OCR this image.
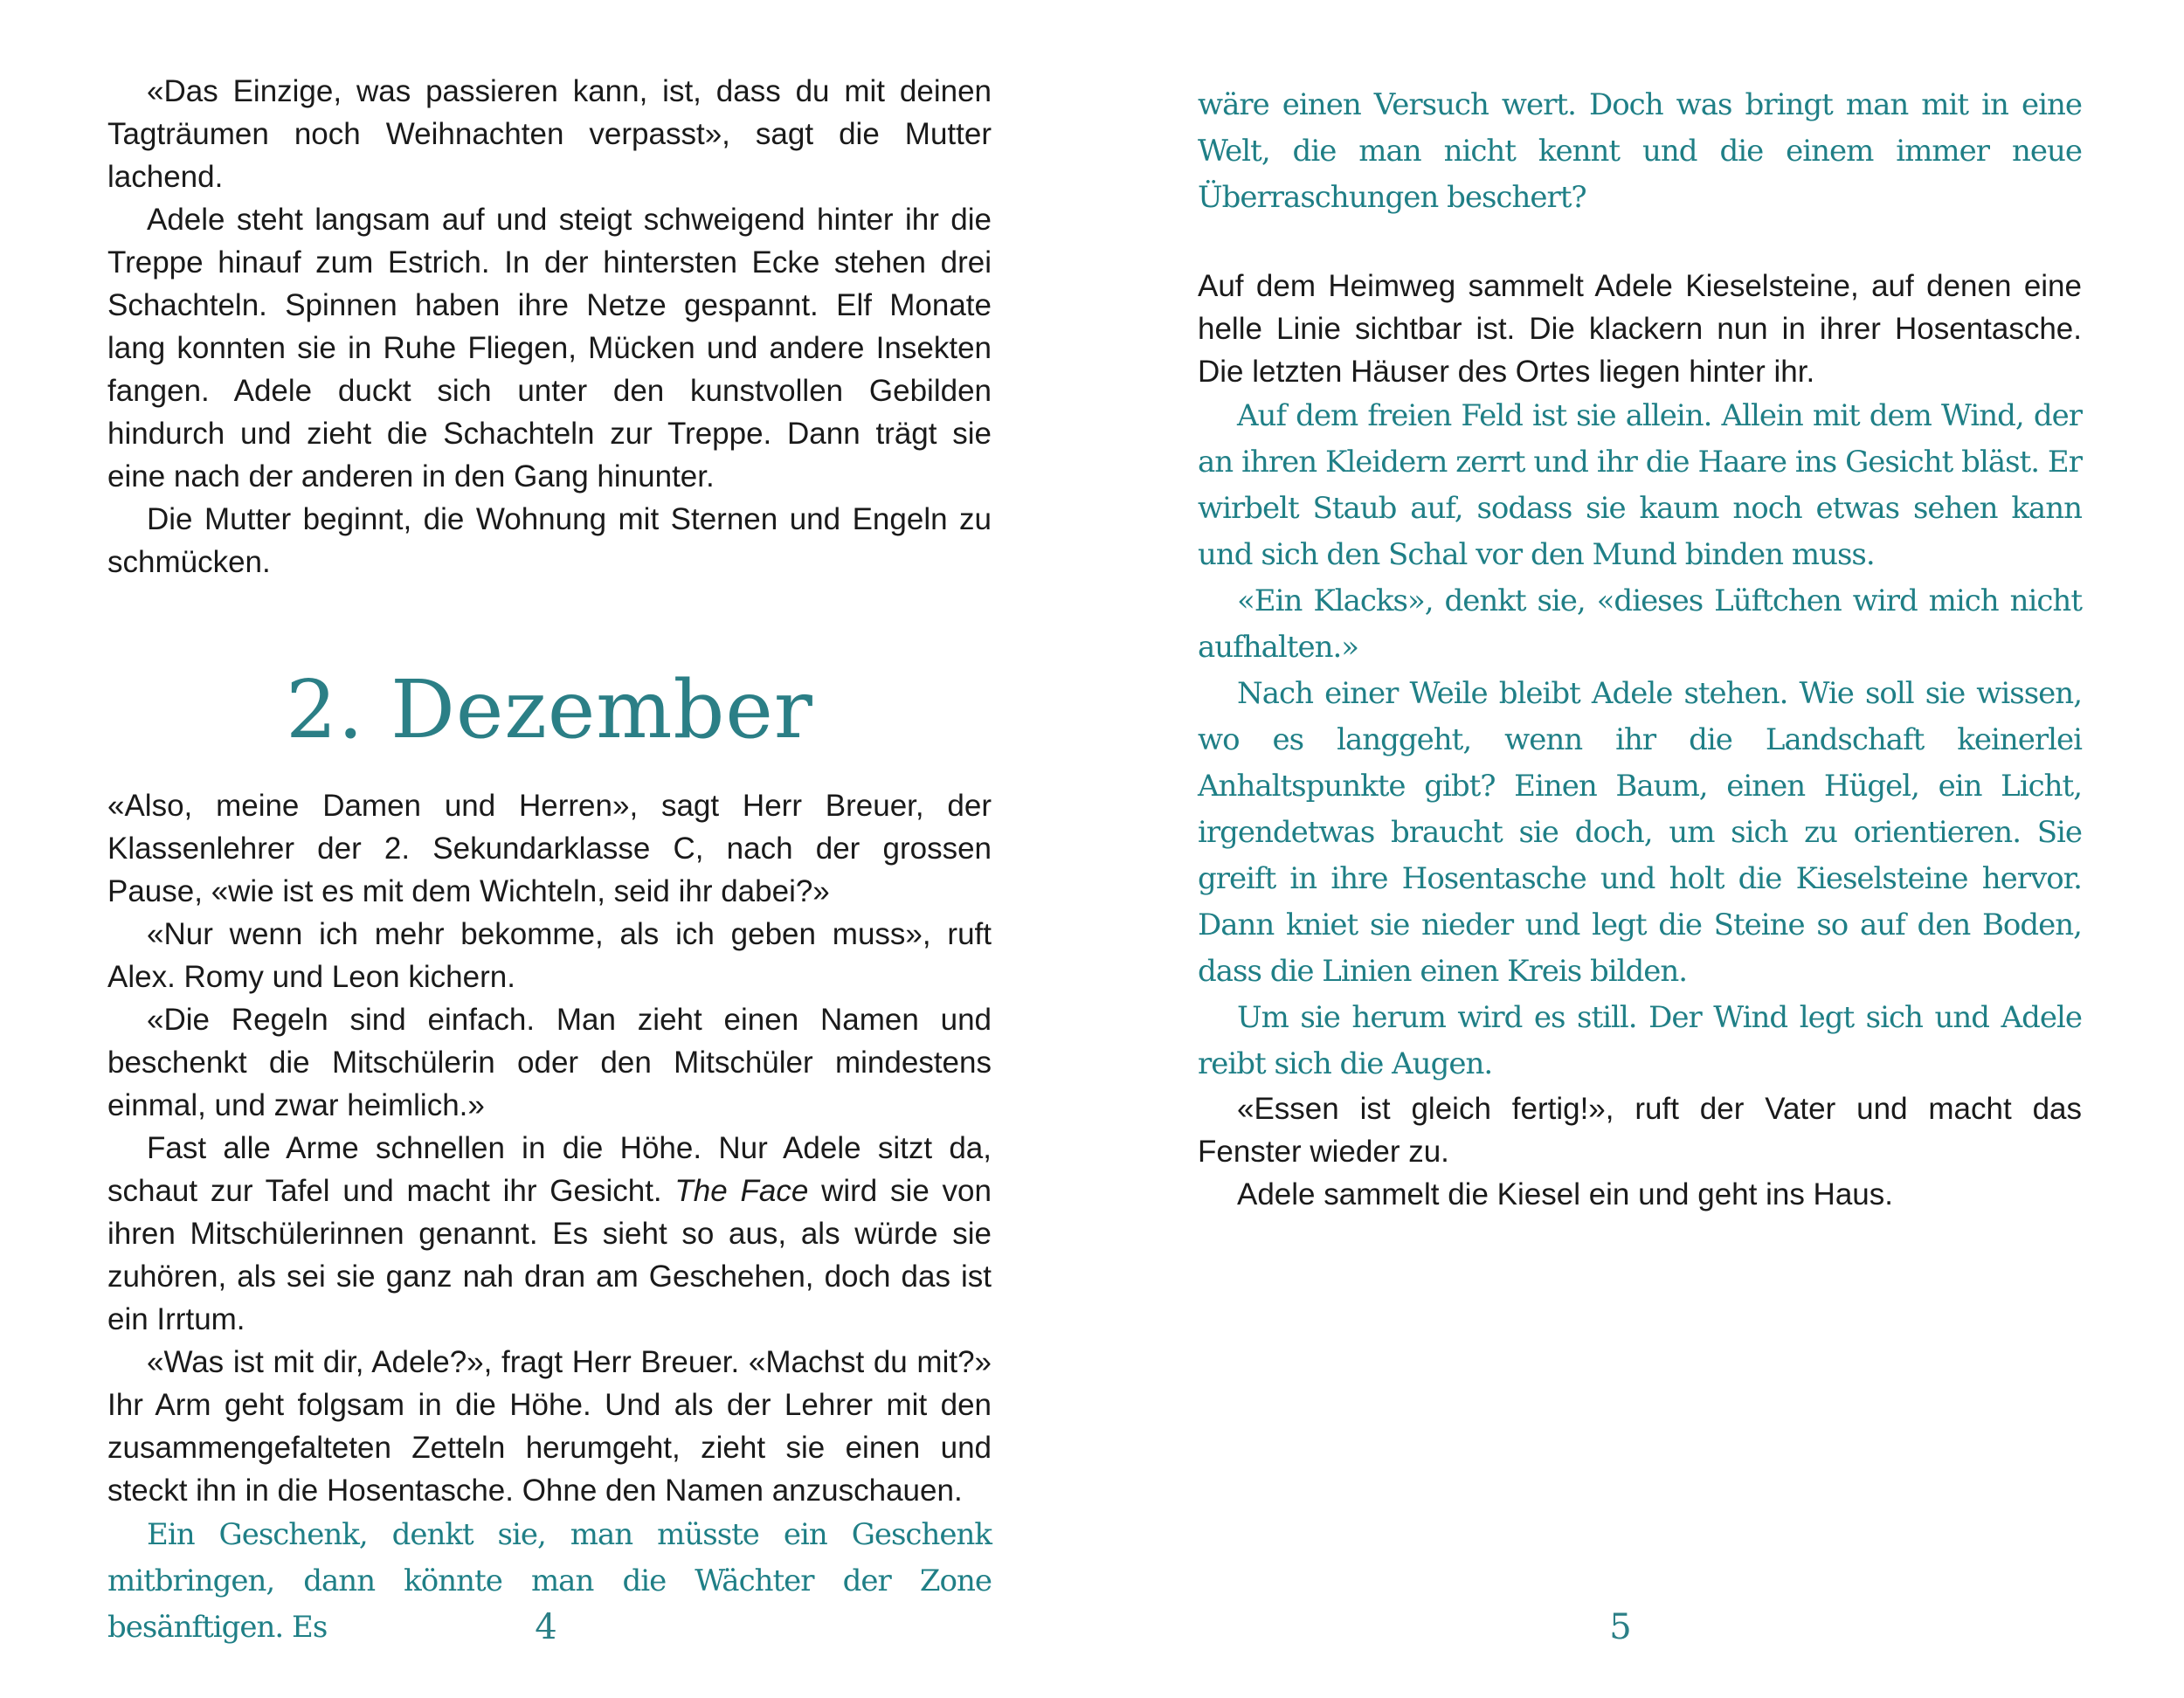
«Das Einzige, was passieren kann, ist, dass du mit deinen Tagträumen noch Weihnachten verpasst», sagt die Mutter lachend.

Adele steht langsam auf und steigt schweigend hinter ihr die Treppe hinauf zum Estrich. In der hintersten Ecke stehen drei Schachteln. Spinnen haben ihre Netze gespannt. Elf Monate lang konnten sie in Ruhe Fliegen, Mücken und andere Insekten fangen. Adele duckt sich unter den kunstvollen Gebilden hindurch und zieht die Schachteln zur Treppe. Dann trägt sie eine nach der anderen in den Gang hinunter.

Die Mutter beginnt, die Wohnung mit Sternen und Engeln zu schmücken.

2. Dezember

«Also, meine Damen und Herren», sagt Herr Breuer, der Klassenlehrer der 2. Sekundarklasse C, nach der grossen Pause, «wie ist es mit dem Wichteln, seid ihr dabei?»

«Nur wenn ich mehr bekomme, als ich geben muss», ruft Alex. Romy und Leon kichern.

«Die Regeln sind einfach. Man zieht einen Namen und beschenkt die Mitschülerin oder den Mitschüler mindestens einmal, und zwar heimlich.»

Fast alle Arme schnellen in die Höhe. Nur Adele sitzt da, schaut zur Tafel und macht ihr Gesicht. The Face wird sie von ihren Mitschülerinnen genannt. Es sieht so aus, als würde sie zuhören, als sei sie ganz nah dran am Geschehen, doch das ist ein Irrtum.

«Was ist mit dir, Adele?», fragt Herr Breuer. «Machst du mit?» Ihr Arm geht folgsam in die Höhe. Und als der Lehrer mit den zusammengefalteten Zetteln herumgeht, zieht sie einen und steckt ihn in die Hosentasche. Ohne den Namen anzuschauen.

Ein Geschenk, denkt sie, man müsste ein Geschenk mitbringen, dann könnte man die Wächter der Zone besänftigen. Es	4

wäre einen Versuch wert. Doch was bringt man mit in eine Welt, die man nicht kennt und die einem immer neue Überraschungen beschert?

Auf dem Heimweg sammelt Adele Kieselsteine, auf denen eine helle Linie sichtbar ist. Die klackern nun in ihrer Hosentasche. Die letzten Häuser des Ortes liegen hinter ihr.

Auf dem freien Feld ist sie allein. Allein mit dem Wind, der an ihren Kleidern zerrt und ihr die Haare ins Gesicht bläst. Er wirbelt Staub auf, sodass sie kaum noch etwas sehen kann und sich den Schal vor den Mund binden muss.

«Ein Klacks», denkt sie, «dieses Lüftchen wird mich nicht aufhalten.»

Nach einer Weile bleibt Adele stehen. Wie soll sie wissen, wo es langgeht, wenn ihr die Landschaft keinerlei Anhaltspunkte gibt? Einen Baum, einen Hügel, ein Licht, irgendetwas braucht sie doch, um sich zu orientieren. Sie greift in ihre Hosentasche und holt die Kieselsteine hervor. Dann kniet sie nieder und legt die Steine so auf den Boden, dass die Linien einen Kreis bilden.

Um sie herum wird es still. Der Wind legt sich und Adele reibt sich die Augen.

«Essen ist gleich fertig!», ruft der Vater und macht das Fenster wieder zu.

Adele sammelt die Kiesel ein und geht ins Haus.

5
